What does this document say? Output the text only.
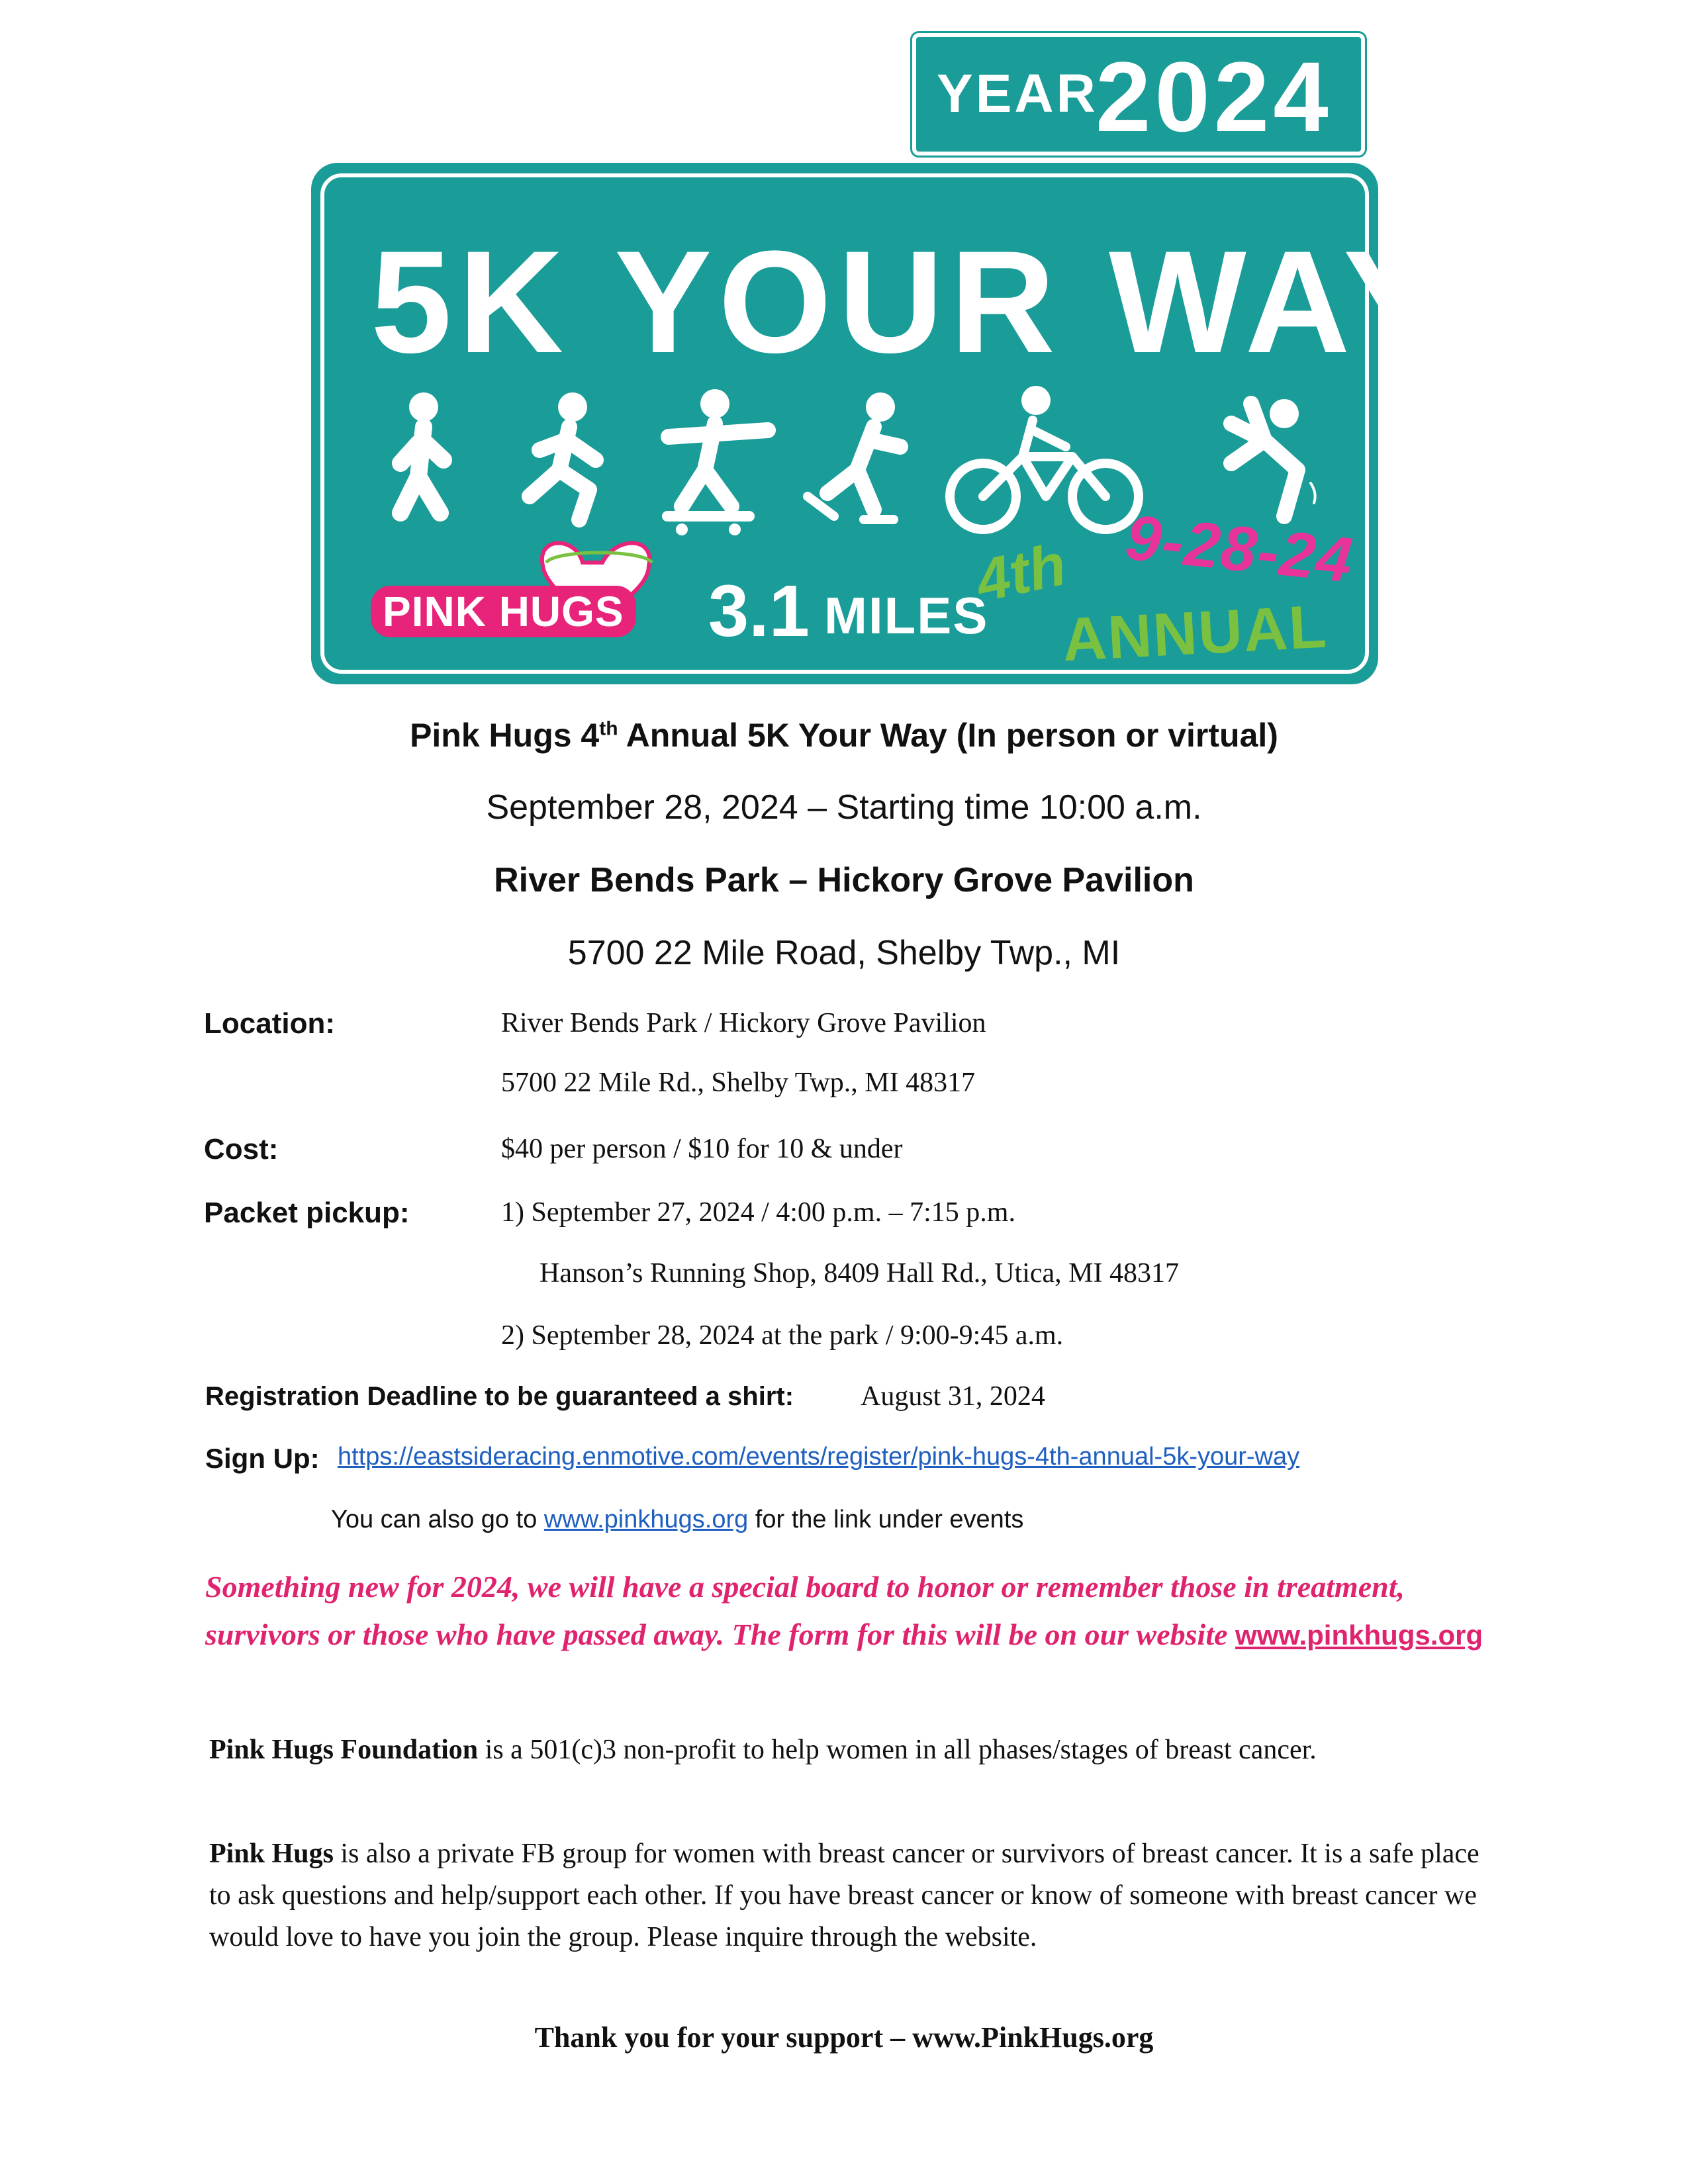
YEAR
2024
5K YOUR WAY
PINK HUGS 3.1 MILES
4th
ANNUAL
9-28-24
Pink Hugs 4th Annual 5K Your Way (In person or virtual)
September 28, 2024 – Starting time 10:00 a.m.
River Bends Park – Hickory Grove Pavilion
5700 22 Mile Road, Shelby Twp., MI
Location:	River Bends Park / Hickory Grove Pavilion
5700 22 Mile Rd., Shelby Twp., MI 48317
Cost:	$40 per person / $10 for 10 & under
Packet pickup:	1) September 27, 2024 / 4:00 p.m. – 7:15 p.m.
Hanson’s Running Shop, 8409 Hall Rd., Utica, MI 48317
2) September 28, 2024 at the park / 9:00-9:45 a.m.
Registration Deadline to be guaranteed a shirt: August 31, 2024
Sign Up: https://eastsideracing.enmotive.com/events/register/pink-hugs-4th-annual-5k-your-way
You can also go to www.pinkhugs.org for the link under events
Something new for 2024, we will have a special board to honor or remember those in treatment, survivors or those who have passed away. The form for this will be on our website www.pinkhugs.org
Pink Hugs Foundation is a 501(c)3 non-profit to help women in all phases/stages of breast cancer.
Pink Hugs is also a private FB group for women with breast cancer or survivors of breast cancer. It is a safe place to ask questions and help/support each other. If you have breast cancer or know of someone with breast cancer we would love to have you join the group. Please inquire through the website.
Thank you for your support – www.PinkHugs.org
